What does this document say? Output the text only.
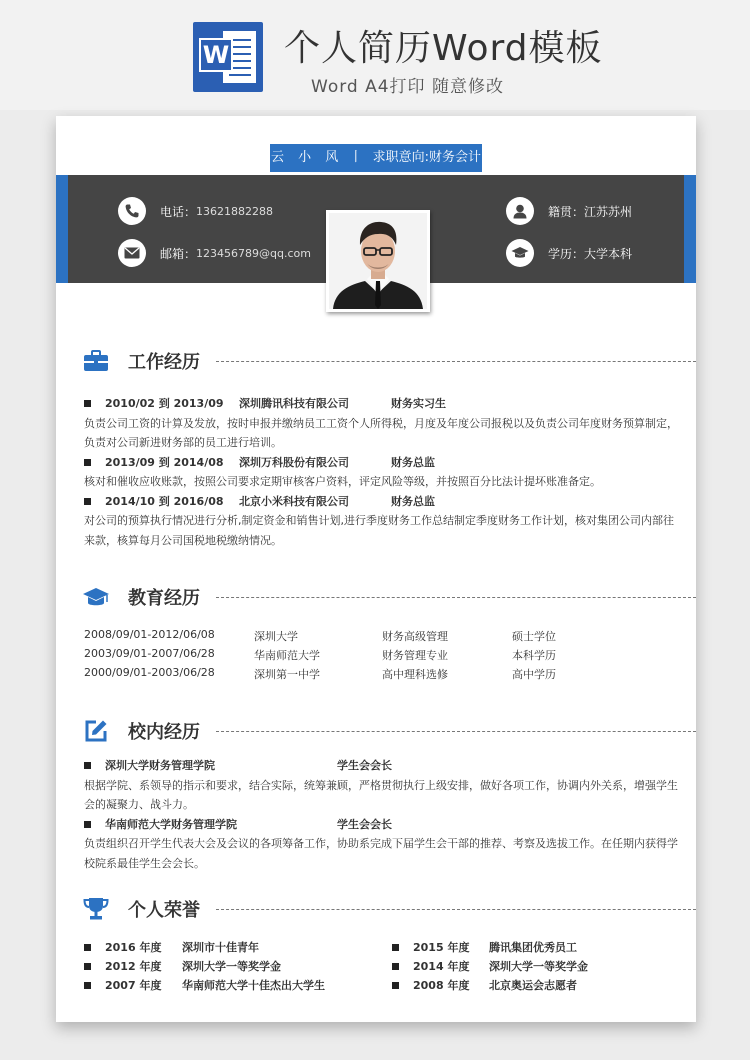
W 个人简历Word模板
Word A4打印 随意修改
云 小 风 丨 求职意向:财务会计
电话： 13621882288
邮箱： 123456789@qq.com
籍贯： 江苏苏州
学历： 大学本科
工作经历
2010/02 到 2013/09	深圳腾讯科技有限公司	财务实习生
负责公司工资的计算及发放，按时申报并缴纳员工工资个人所得税，月度及年度公司报税以及负责公司年度财务预算制定，负责对公司新进财务部的员工进行培训。
2013/09 到 2014/08	深圳万科股份有限公司	财务总监
核对和催收应收账款，按照公司要求定期审核客户资料，评定风险等级，并按照百分比法计提坏账准备定。
2014/10 到 2016/08	北京小米科技有限公司	财务总监
对公司的预算执行情况进行分析,制定资金和销售计划,进行季度财务工作总结制定季度财务工作计划，核对集团公司内部往来款，核算每月公司国税地税缴纳情况。
教育经历
2008/09/01-2012/06/08	深圳大学	财务高级管理	硕士学位
2003/09/01-2007/06/28	华南师范大学	财务管理专业	本科学历
2000/09/01-2003/06/28	深圳第一中学	高中理科选修	高中学历
校内经历
深圳大学财务管理学院	学生会会长
根据学院、系领导的指示和要求，结合实际，统筹兼顾，严格贯彻执行上级安排，做好各项工作，协调内外关系，增强学生会的凝聚力、战斗力。
华南师范大学财务管理学院	学生会会长
负责组织召开学生代表大会及会议的各项筹备工作，协助系完成下届学生会干部的推荐、考察及选拔工作。在任期内获得学校院系最佳学生会会长。
个人荣誉
2016 年度	深圳市十佳青年	2015 年度	腾讯集团优秀员工
2012 年度	深圳大学一等奖学金	2014 年度	深圳大学一等奖学金
2007 年度	华南师范大学十佳杰出大学生	2008 年度	北京奥运会志愿者
